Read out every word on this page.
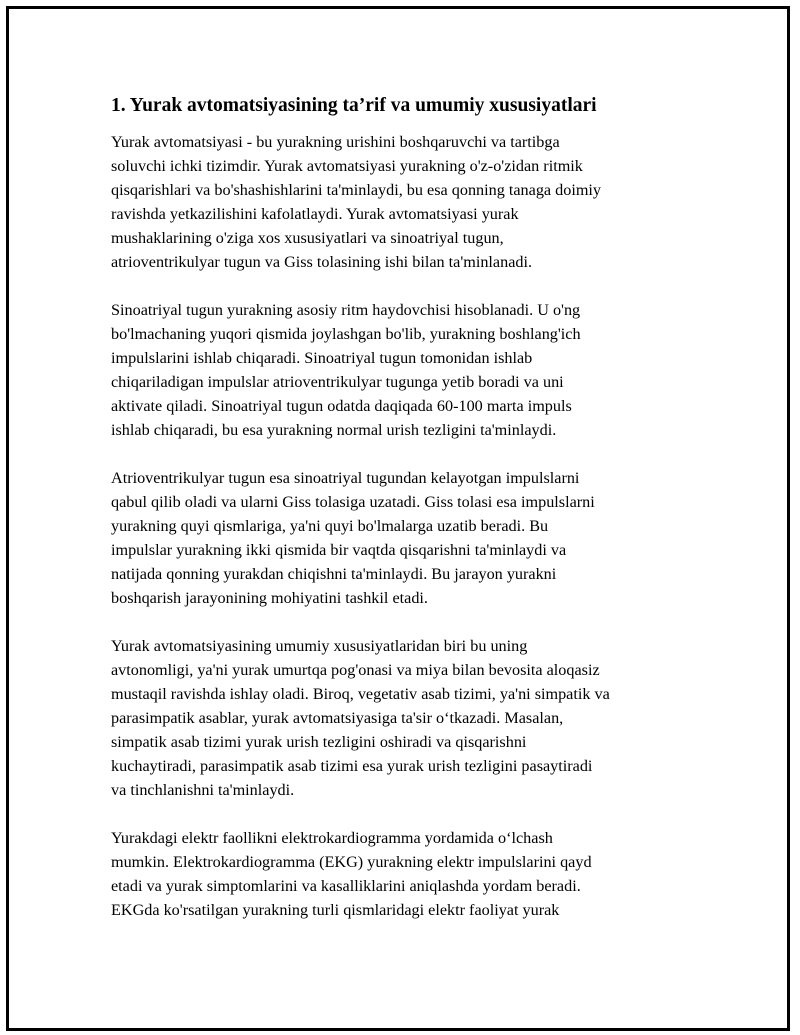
1. Yurak avtomatsiyasining ta’rif va umumiy xususiyatlari
Yurak avtomatsiyasi - bu yurakning urishini boshqaruvchi va tartibga
soluvchi ichki tizimdir. Yurak avtomatsiyasi yurakning o'z-o'zidan ritmik
qisqarishlari va bo'shashishlarini ta'minlaydi, bu esa qonning tanaga doimiy
ravishda yetkazilishini kafolatlaydi. Yurak avtomatsiyasi yurak
mushaklarining o'ziga xos xususiyatlari va sinoatriyal tugun,
atrioventrikulyar tugun va Giss tolasining ishi bilan ta'minlanadi.
Sinoatriyal tugun yurakning asosiy ritm haydovchisi hisoblanadi. U o'ng
bo'lmachaning yuqori qismida joylashgan bo'lib, yurakning boshlang'ich
impulslarini ishlab chiqaradi. Sinoatriyal tugun tomonidan ishlab
chiqariladigan impulslar atrioventrikulyar tugunga yetib boradi va uni
aktivate qiladi. Sinoatriyal tugun odatda daqiqada 60-100 marta impuls
ishlab chiqaradi, bu esa yurakning normal urish tezligini ta'minlaydi.
Atrioventrikulyar tugun esa sinoatriyal tugundan kelayotgan impulslarni
qabul qilib oladi va ularni Giss tolasiga uzatadi. Giss tolasi esa impulslarni
yurakning quyi qismlariga, ya'ni quyi bo'lmalarga uzatib beradi. Bu
impulslar yurakning ikki qismida bir vaqtda qisqarishni ta'minlaydi va
natijada qonning yurakdan chiqishni ta'minlaydi. Bu jarayon yurakni
boshqarish jarayonining mohiyatini tashkil etadi.
Yurak avtomatsiyasining umumiy xususiyatlaridan biri bu uning
avtonomligi, ya'ni yurak umurtqa pog'onasi va miya bilan bevosita aloqasiz
mustaqil ravishda ishlay oladi. Biroq, vegetativ asab tizimi, ya'ni simpatik va
parasimpatik asablar, yurak avtomatsiyasiga ta'sir o‘tkazadi. Masalan,
simpatik asab tizimi yurak urish tezligini oshiradi va qisqarishni
kuchaytiradi, parasimpatik asab tizimi esa yurak urish tezligini pasaytiradi
va tinchlanishni ta'minlaydi.
Yurakdagi elektr faollikni elektrokardiogramma yordamida o‘lchash
mumkin. Elektrokardiogramma (EKG) yurakning elektr impulslarini qayd
etadi va yurak simptomlarini va kasalliklarini aniqlashda yordam beradi.
EKGda ko'rsatilgan yurakning turli qismlaridagi elektr faoliyat yurak
